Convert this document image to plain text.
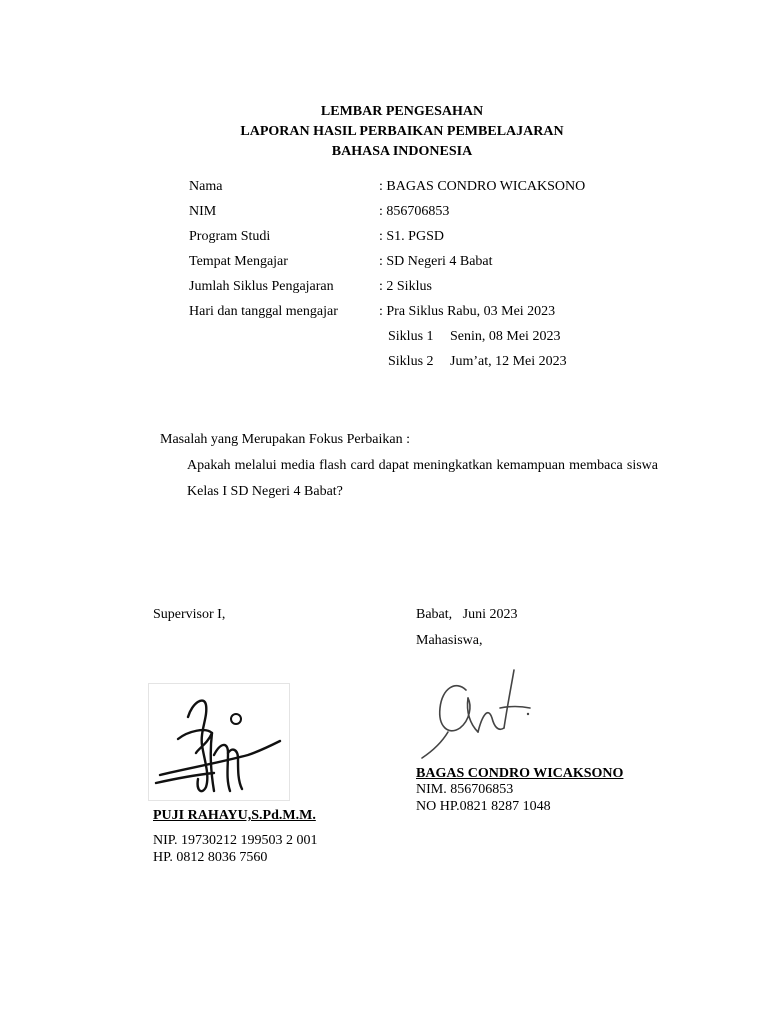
LEMBAR PENGESAHAN
LAPORAN HASIL PERBAIKAN PEMBELAJARAN
BAHASA INDONESIA
Nama	: BAGAS CONDRO WICAKSONO
NIM	: 856706853
Program Studi	: S1. PGSD
Tempat Mengajar	: SD Negeri 4 Babat
Jumlah Siklus Pengajaran	: 2 Siklus
Hari dan tanggal mengajar	: Pra Siklus Rabu, 03 Mei 2023
Siklus 1 Senin, 08 Mei 2023
Siklus 2 Jum’at, 12 Mei 2023
Masalah yang Merupakan Fokus Perbaikan :
Apakah melalui media flash card dapat meningkatkan kemampuan membaca siswa Kelas I SD Negeri 4 Babat?
Supervisor I,	Babat,   Juni 2023
Mahasiswa,
PUJI RAHAYU,S.Pd.M.M.
NIP. 19730212 199503 2 001
HP. 0812 8036 7560
BAGAS CONDRO WICAKSONO
NIM. 856706853
NO HP.0821 8287 1048
